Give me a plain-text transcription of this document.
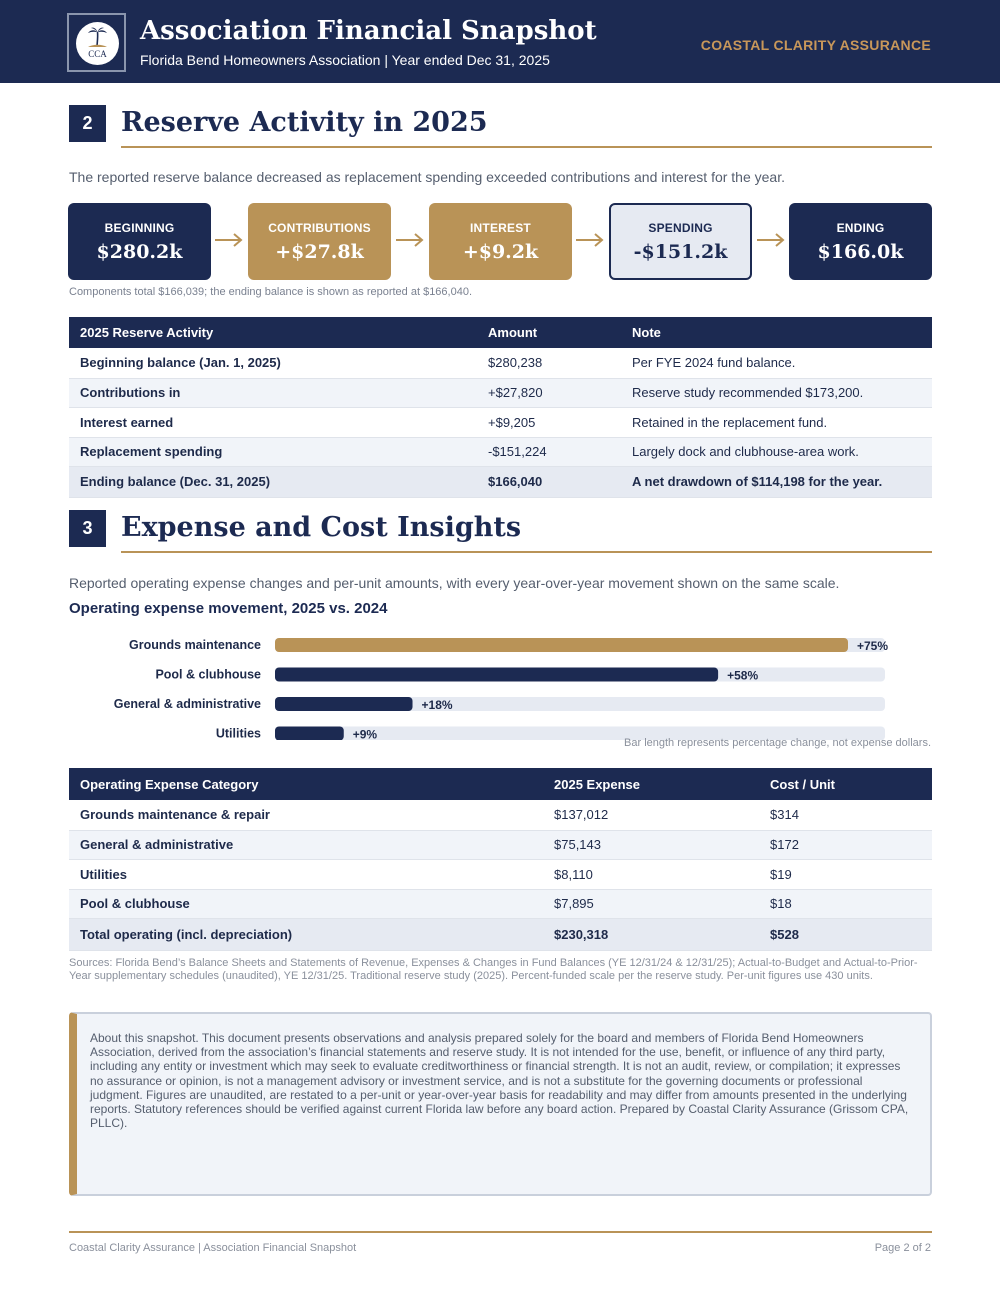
CCA
Association Financial Snapshot
Florida Bend Homeowners Association | Year ended Dec 31, 2025
COASTAL CLARITY ASSURANCE
2	Reserve Activity in 2025
The reported reserve balance decreased as replacement spending exceeded contributions and interest for the year.
BEGINNING
$280.2k
CONTRIBUTIONS
+$27.8k
INTEREST
+$9.2k
SPENDING
-$151.2k
ENDING
$166.0k
Components total $166,039; the ending balance is shown as reported at $166,040.
2025 Reserve Activity	Amount	Note
Beginning balance (Jan. 1, 2025)	$280,238	Per FYE 2024 fund balance.
Contributions in	+$27,820	Reserve study recommended $173,200.
Interest earned	+$9,205	Retained in the replacement fund.
Replacement spending	-$151,224	Largely dock and clubhouse-area work.
Ending balance (Dec. 31, 2025)	$166,040	A net drawdown of $114,198 for the year.
3	Expense and Cost Insights
Reported operating expense changes and per-unit amounts, with every year-over-year movement shown on the same scale.
Operating expense movement, 2025 vs. 2024
Grounds maintenance	+75%
Pool & clubhouse	+58%
General & administrative	+18%
Utilities	+9%
Bar length represents percentage change, not expense dollars.
Operating Expense Category	2025 Expense	Cost / Unit
Grounds maintenance & repair	$137,012	$314
General & administrative	$75,143	$172
Utilities	$8,110	$19
Pool & clubhouse	$7,895	$18
Total operating (incl. depreciation)	$230,318	$528
Sources: Florida Bend’s Balance Sheets and Statements of Revenue, Expenses & Changes in Fund Balances (YE 12/31/24 & 12/31/25); Actual-to-Budget and Actual-to-Prior-Year supplementary schedules (unaudited), YE 12/31/25. Traditional reserve study (2025). Percent-funded scale per the reserve study. Per-unit figures use 430 units.
About this snapshot. This document presents observations and analysis prepared solely for the board and members of Florida Bend Homeowners Association, derived from the association’s financial statements and reserve study. It is not intended for the use, benefit, or influence of any third party, including any entity or investment which may seek to evaluate creditworthiness or financial strength. It is not an audit, review, or compilation; it expresses no assurance or opinion, is not a management advisory or investment service, and is not a substitute for the governing documents or professional judgment. Figures are unaudited, are restated to a per-unit or year-over-year basis for readability and may differ from amounts presented in the underlying reports. Statutory references should be verified against current Florida law before any board action. Prepared by Coastal Clarity Assurance (Grissom CPA, PLLC).
Coastal Clarity Assurance | Association Financial Snapshot	Page 2 of 2
